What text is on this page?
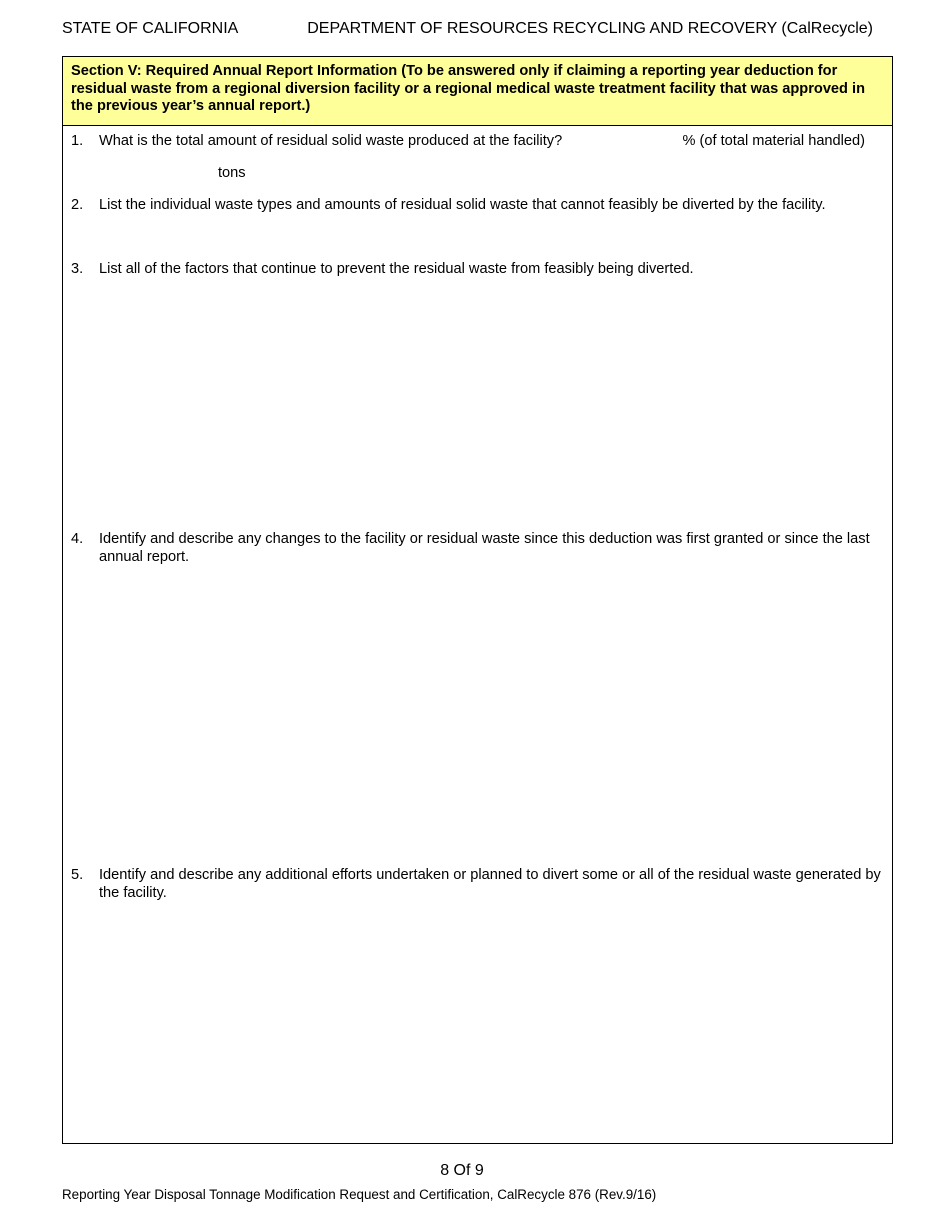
STATE OF CALIFORNIA	DEPARTMENT OF RESOURCES RECYCLING AND RECOVERY (CalRecycle)
Section V: Required Annual Report Information (To be answered only if claiming a reporting year deduction for residual waste from a regional diversion facility or a regional medical waste treatment facility that was approved in the previous year’s annual report.)
1. What is the total amount of residual solid waste produced at the facility?	% (of total material handled)
tons
2. List the individual waste types and amounts of residual solid waste that cannot feasibly be diverted by the facility.
3. List all of the factors that continue to prevent the residual waste from feasibly being diverted.
4. Identify and describe any changes to the facility or residual waste since this deduction was first granted or since the last annual report.
5. Identify and describe any additional efforts undertaken or planned to divert some or all of the residual waste generated by the facility.
8 Of 9
Reporting Year Disposal Tonnage Modification Request and Certification, CalRecycle 876 (Rev.9/16)
